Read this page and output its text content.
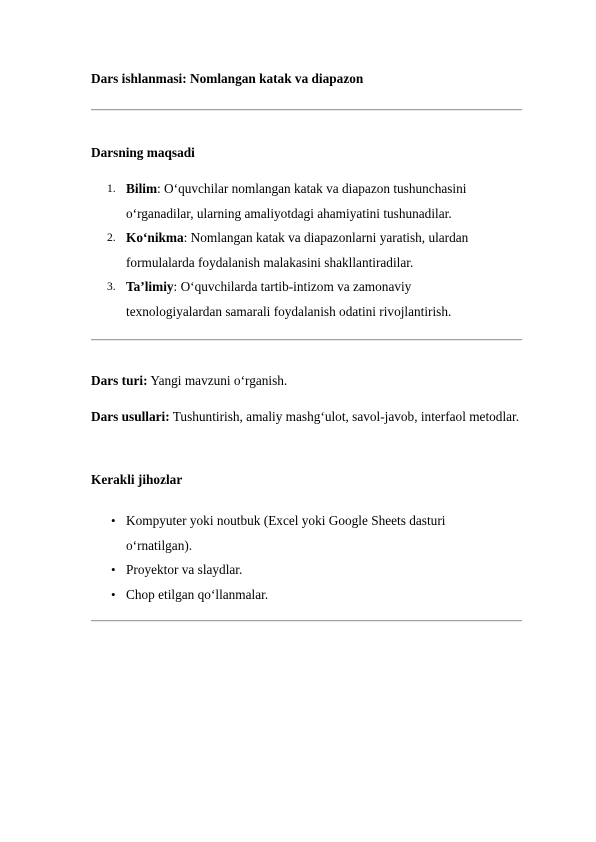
Dars ishlanmasi: Nomlangan katak va diapazon
Darsning maqsadi
1. Bilim: O‘quvchilar nomlangan katak va diapazon tushunchasini o‘rganadilar, ularning amaliyotdagi ahamiyatini tushunadilar.
2. Ko‘nikma: Nomlangan katak va diapazonlarni yaratish, ulardan formulalarda foydalanish malakasini shakllantiradilar.
3. Ta’limiy: O‘quvchilarda tartib-intizom va zamonaviy texnologiyalardan samarali foydalanish odatini rivojlantirish.
Dars turi: Yangi mavzuni o‘rganish.
Dars usullari: Tushuntirish, amaliy mashg‘ulot, savol-javob, interfaol metodlar.
Kerakli jihozlar
• Kompyuter yoki noutbuk (Excel yoki Google Sheets dasturi o‘rnatilgan).
• Proyektor va slaydlar.
• Chop etilgan qo‘llanmalar.
